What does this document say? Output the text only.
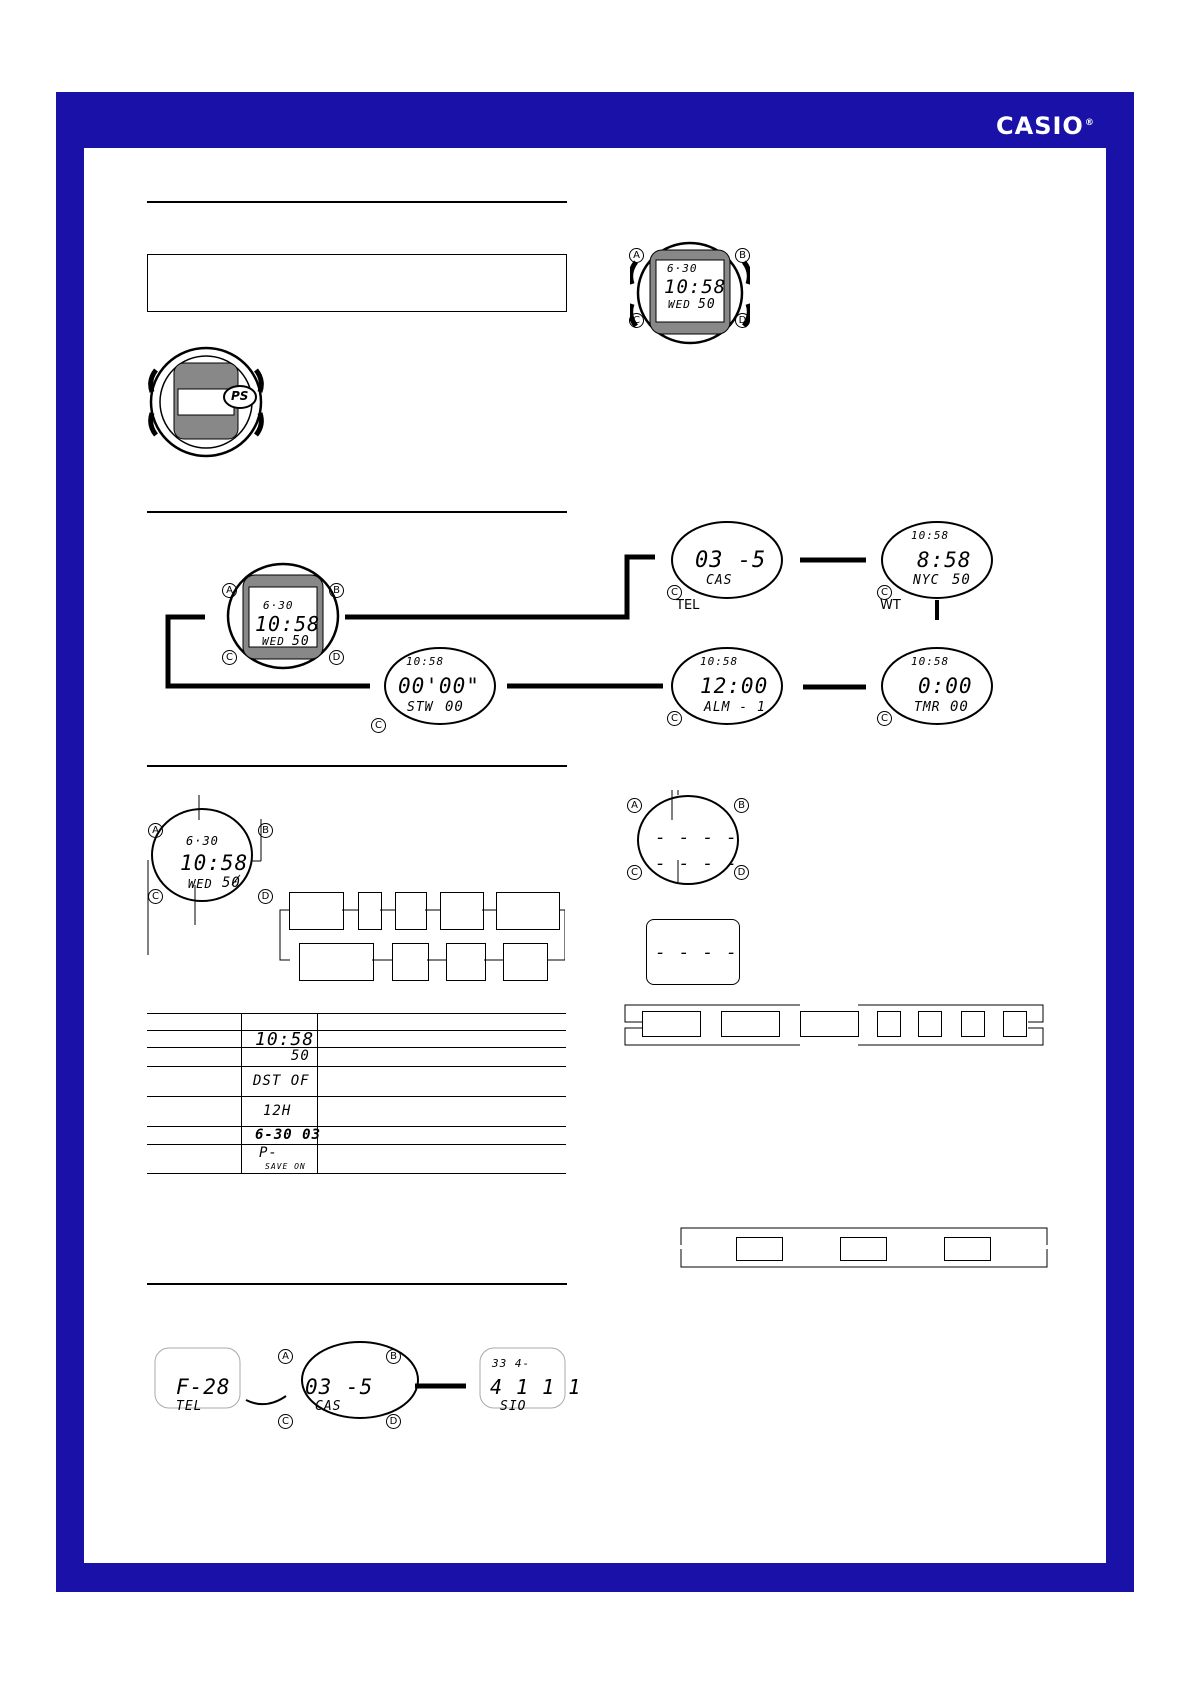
CASIO®
PS
A	B
C	D
6·30
10:58
WED 50
A	B
C	D
6·30
10:58
WED 50
03 -5
CAS
TEL
C
10:58
8:58
NYC 50
WT
C
10:58
00'00"
STW 00
C
10:58
12:00
ALM - 1
C
10:58
0:00
TMR 00
C
A	B
C	D
6·30
10:58
WED 50
10:58
50
DST OF
12H
6-30 03
P-
SAVE ON
A	B
C	D
- - - -
- - - -
- - - -
F-28
TEL
03 -5
CAS
33 4-
4 1 1 1
SIO
A	B
C	D
